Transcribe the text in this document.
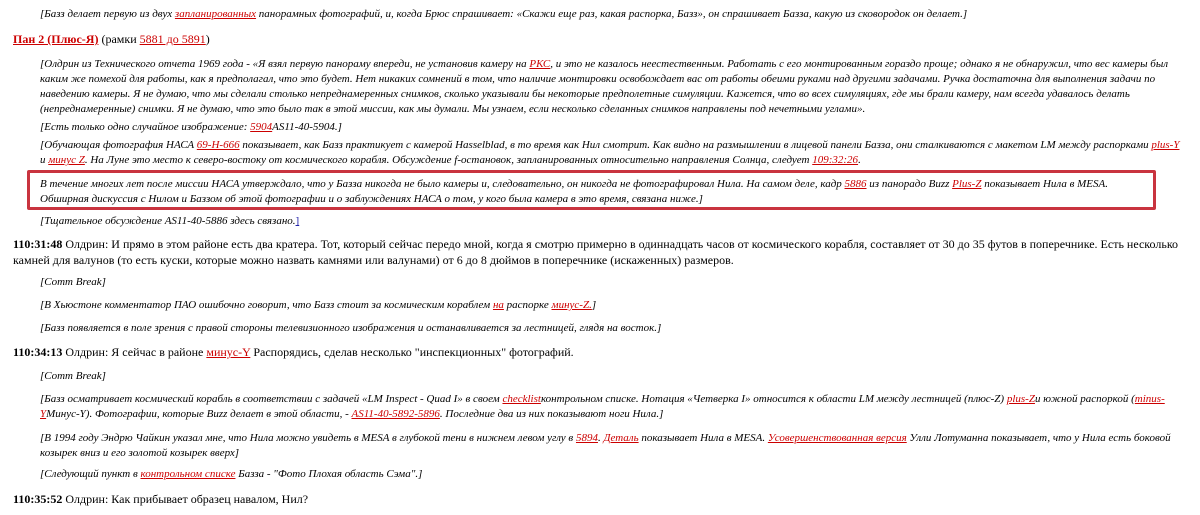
[Базз делает первую из двух запланированных панорамных фотографий, и, когда Брюс спрашивает: «Скажи еще раз, какая распорка, Базз», он спрашивает Базза, какую из сковородок он делает.]
Пан 2 (Плюс-Я) (рамки 5881 до 5891)
[Олдрин из Технического отчета 1969 года - «Я взял первую панораму впереди, не установив камеру на РКС, и это не казалось неестественным. Работать с его монтированным гораздо проще; однако я не обнаружил, что вес камеры был каким же помехой для работы, как я предполагал, что это будет. Нет никаких сомнений в том, что наличие монтировки освобождает вас от работы обеими руками над другими задачами. Ручка достаточна для выполнения задачи по наведению камеры. Я не думаю, что мы сделали столько непреднамеренных снимков, сколько указывали бы некоторые предполетные симуляции. Кажется, что во всех симуляциях, где мы брали камеру, нам всегда удавалось делать (непреднамеренные) снимки. Я не думаю, что это было так в этой миссии, как мы думали. Мы узнаем, если несколько сделанных снимков направлены под нечетными углами».
[Есть только одно случайное изображение: 5904AS11-40-5904.]
[Обучающая фотография НАСА 69-H-666 показывает, как Базз практикует с камерой Hasselblad, в то время как Нил смотрит. Как видно на размышлении в лицевой панели Базза, они сталкиваются с макетом LM между распорками plus-Y и минус Z. На Луне это место к северо-востоку от космического корабля. Обсуждение f-остановок, запланированных относительно направления Солнца, следует 109:32:26.
В течение многих лет после миссии НАСА утверждало, что у Базза никогда не было камеры и, следовательно, он никогда не фотографировал Нила. На самом деле, кадр 5886 из панорадо Buzz Plus-Z показывает Нила в MESA. Обширная дискуссия с Нилом и Баззом об этой фотографии и о заблуждениях НАСА о том, у кого была камера в это время, связана ниже.]
[Тщательное обсуждение AS11-40-5886 здесь связано.]
110:31:48 Олдрин: И прямо в этом районе есть два кратера. Тот, который сейчас передо мной, когда я смотрю примерно в одиннадцать часов от космического корабля, составляет от 30 до 35 футов в поперечнике. Есть несколько камней для валунов (то есть куски, которые можно назвать камнями или валунами) от 6 до 8 дюймов в поперечнике (искаженных) размеров.
[Comm Break]
[В Хьюстоне комментатор ПАО ошибочно говорит, что Базз стоит за космическим кораблем на распорке минус-Z.]
[Базз появляется в поле зрения с правой стороны телевизионного изображения и останавливается за лестницей, глядя на восток.]
110:34:13 Олдрин: Я сейчас в районе минус-Y Распорядись, сделав несколько "инспекционных" фотографий.
[Comm Break]
[Базз осматривает космический корабль в соответствии с задачей «LM Inspect - Quad I» в своем checklistконтрольном списке. Нотация «Четверка I» относится к области LM между лестницей (плюс-Z) plus-Zи южной распоркой (minus-YМинус-Y). Фотографии, которые Buzz делает в этой области, - AS11-40-5892-5896. Последние два из них показывают ноги Нила.]
[В 1994 году Эндрю Чайкин указал мне, что Нила можно увидеть в MESA в глубокой тени в нижнем левом углу в 5894. Деталь показывает Нила в MESA. Усовершенствованная версия Улли Лотуманна показывает, что у Нила есть боковой козырек вниз и его золотой козырек вверх]
[Следующий пункт в контрольном списке Базза - "Фото Плохая область Сэма".]
110:35:52 Олдрин: Как прибывает образец навалом, Нил?
